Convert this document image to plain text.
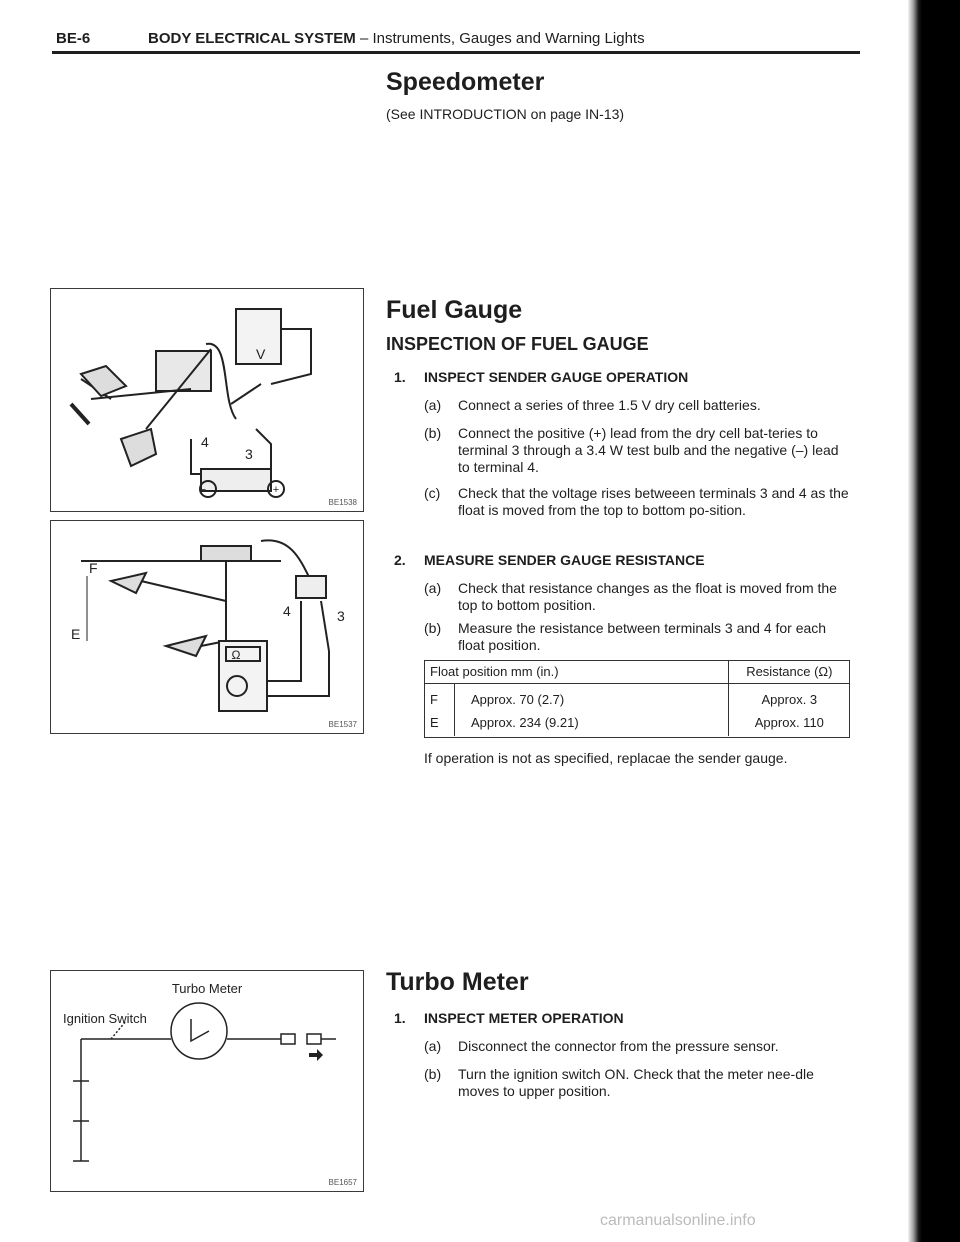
BE-6	BODY ELECTRICAL SYSTEM – Instruments, Gauges and Warning Lights
Speedometer
(See INTRODUCTION on page IN-13)
Fuel Gauge
INSPECTION OF FUEL GAUGE
1. INSPECT SENDER GAUGE OPERATION
(a)	Connect a series of three 1.5 V dry cell batteries.
(b)	Connect the positive (+) lead from the dry cell bat-teries to terminal 3 through a 3.4 W test bulb and the negative (–) lead to terminal 4.
(c)	Check that the voltage rises betweeen terminals 3 and 4 as the float is moved from the top to bottom po-sition.
2. MEASURE SENDER GAUGE RESISTANCE
(a)	Check that resistance changes as the float is moved from the top to bottom position.
(b)	Measure the resistance between terminals 3 and 4 for each float position.
Float position mm (in.)		Resistance (Ω)
F	Approx. 70 (2.7)	Approx. 3
E	Approx. 234 (9.21)	Approx. 110
If operation is not as specified, replacae the sender gauge.
Turbo Meter
1. INSPECT METER OPERATION
(a)	Disconnect the connector from the pressure sensor.
(b)	Turn the ignition switch ON. Check that the meter nee-dle moves to upper position.
4
3
V
−	+
BE1538
F
E
4	3
Ω
BE1537
Turbo Meter
Ignition Switch
BE1657
carmanualsonline.info
